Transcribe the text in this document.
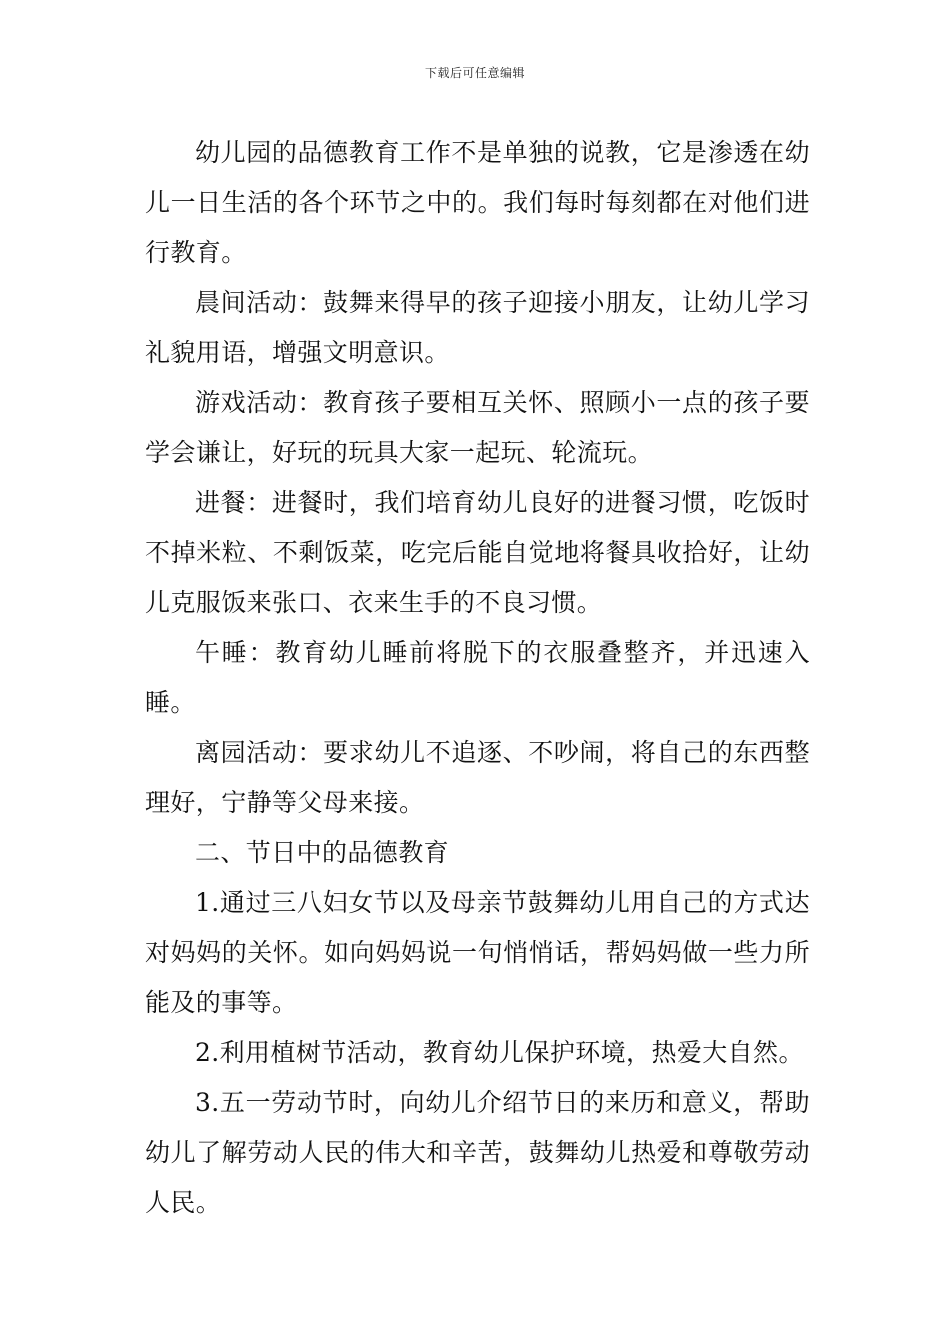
下载后可任意编辑

幼儿园的品德教育工作不是单独的说教，它是渗透在幼儿一日生活的各个环节之中的。我们每时每刻都在对他们进行教育。

晨间活动：鼓舞来得早的孩子迎接小朋友，让幼儿学习礼貌用语，增强文明意识。

游戏活动：教育孩子要相互关怀、照顾小一点的孩子要学会谦让，好玩的玩具大家一起玩、轮流玩。

进餐：进餐时，我们培育幼儿良好的进餐习惯，吃饭时不掉米粒、不剩饭菜，吃完后能自觉地将餐具收拾好，让幼儿克服饭来张口、衣来生手的不良习惯。

午睡：教育幼儿睡前将脱下的衣服叠整齐，并迅速入睡。

离园活动：要求幼儿不追逐、不吵闹，将自己的东西整理好，宁静等父母来接。

二、节日中的品德教育

1.通过三八妇女节以及母亲节鼓舞幼儿用自己的方式达对妈妈的关怀。如向妈妈说一句悄悄话，帮妈妈做一些力所能及的事等。

2.利用植树节活动，教育幼儿保护环境，热爱大自然。

3.五一劳动节时，向幼儿介绍节日的来历和意义，帮助幼儿了解劳动人民的伟大和辛苦，鼓舞幼儿热爱和尊敬劳动人民。
